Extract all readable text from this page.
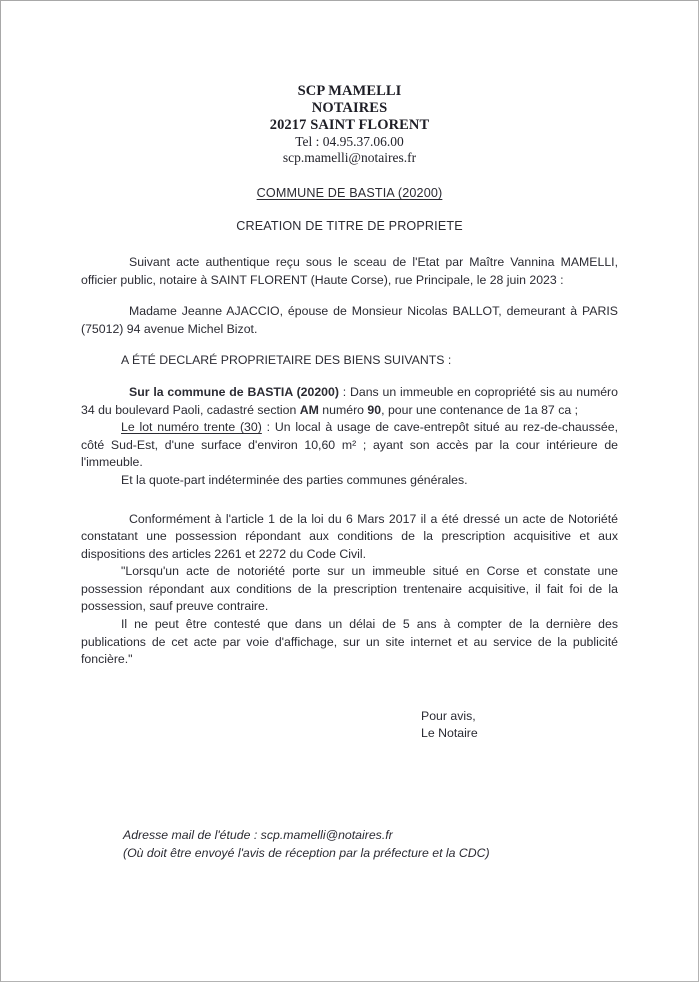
SCP MAMELLI
NOTAIRES
20217 SAINT FLORENT
Tel : 04.95.37.06.00
scp.mamelli@notaires.fr

COMMUNE DE BASTIA (20200)

CREATION DE TITRE DE PROPRIETE

Suivant acte authentique reçu sous le sceau de l'Etat par Maître Vannina MAMELLI, officier public, notaire à SAINT FLORENT (Haute Corse), rue Principale, le 28 juin 2023 :

Madame Jeanne AJACCIO, épouse de Monsieur Nicolas BALLOT, demeurant à PARIS (75012) 94 avenue Michel Bizot.

A ÉTÉ DECLARÉ PROPRIETAIRE DES BIENS SUIVANTS :

Sur la commune de BASTIA (20200) : Dans un immeuble en copropriété sis au numéro 34 du boulevard Paoli, cadastré section AM numéro 90, pour une contenance de 1a 87 ca ;

Le lot numéro trente (30) : Un local à usage de cave-entrepôt situé au rez-de-chaussée, côté Sud-Est, d'une surface d'environ 10,60 m² ; ayant son accès par la cour intérieure de l'immeuble.

Et la quote-part indéterminée des parties communes générales.

Conformément à l'article 1 de la loi du 6 Mars 2017 il a été dressé un acte de Notoriété constatant une possession répondant aux conditions de la prescription acquisitive et aux dispositions des articles 2261 et 2272 du Code Civil.

"Lorsqu'un acte de notoriété porte sur un immeuble situé en Corse et constate une possession répondant aux conditions de la prescription trentenaire acquisitive, il fait foi de la possession, sauf preuve contraire.

Il ne peut être contesté que dans un délai de 5 ans à compter de la dernière des publications de cet acte par voie d'affichage, sur un site internet et au service de la publicité foncière."

Pour avis,
Le Notaire

Adresse mail de l'étude : scp.mamelli@notaires.fr
(Où doit être envoyé l'avis de réception par la préfecture et la CDC)
